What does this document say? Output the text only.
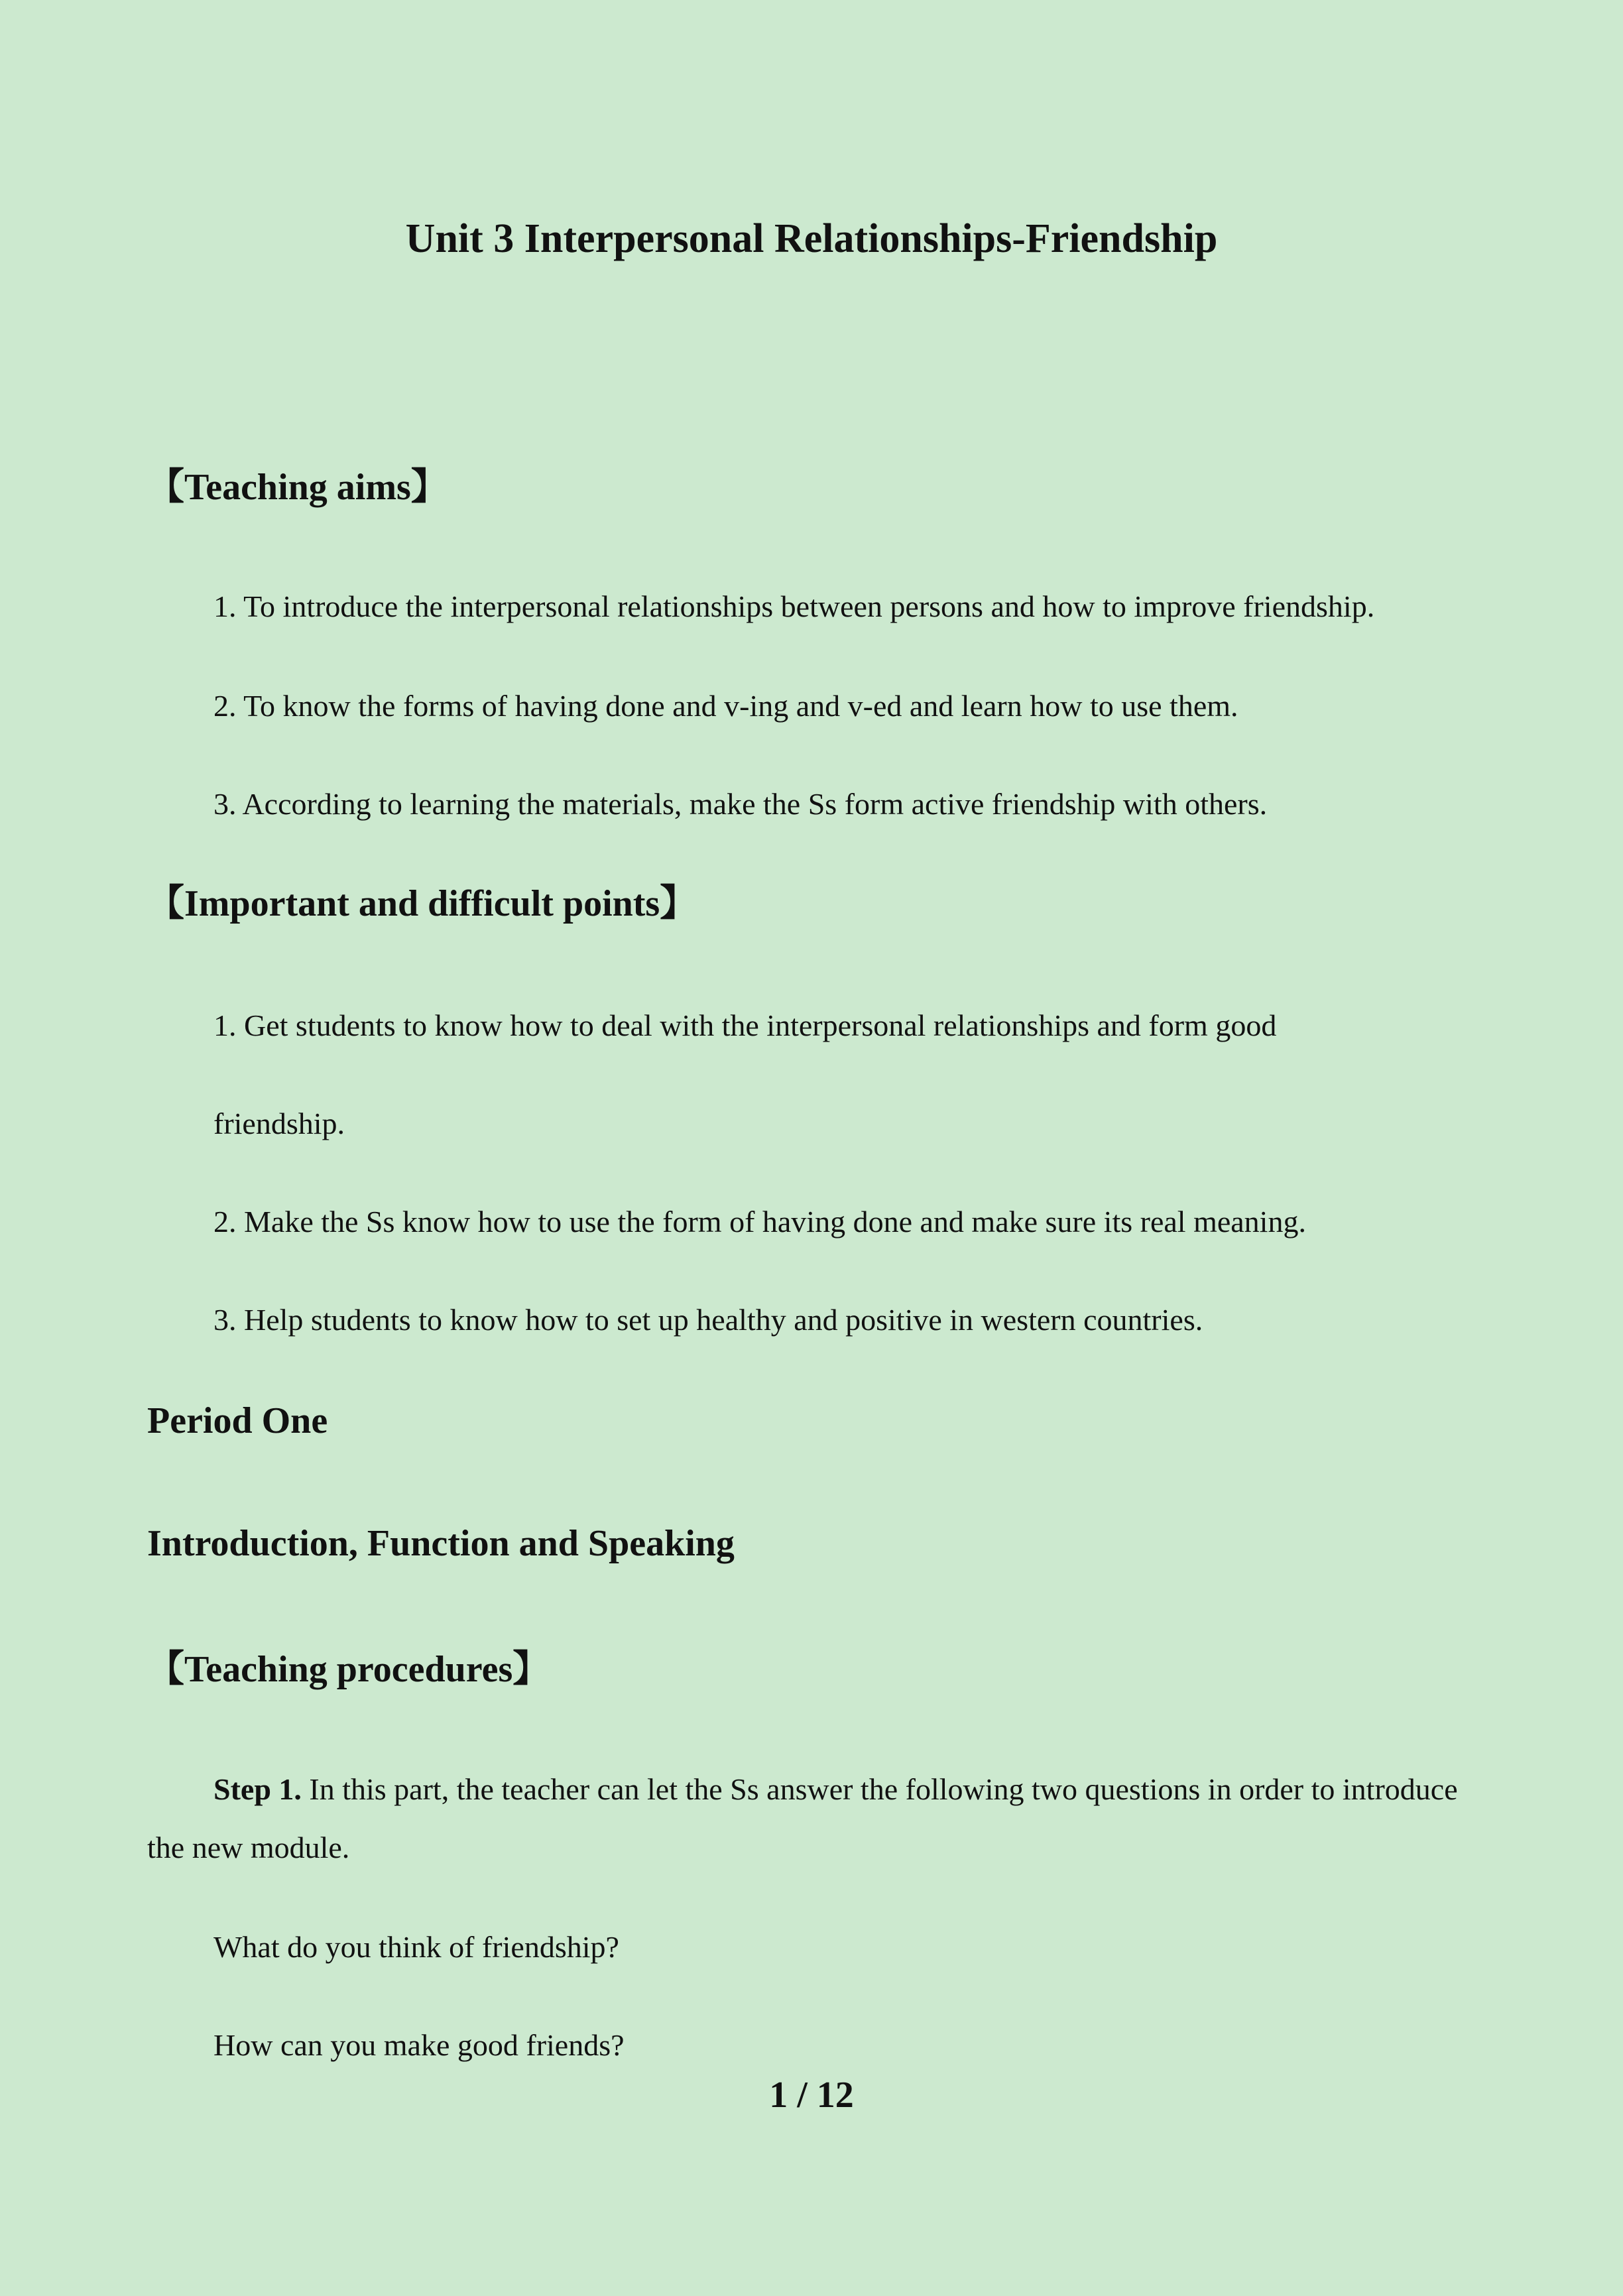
Unit 3 Interpersonal Relationships-Friendship
【Teaching aims】
1. To introduce the interpersonal relationships between persons and how to improve friendship.
2. To know the forms of having done and v-ing and v-ed and learn how to use them.
3. According to learning the materials, make the Ss form active friendship with others.
【Important and difficult points】
1. Get students to know how to deal with the interpersonal relationships and form good
friendship.
2. Make the Ss know how to use the form of having done and make sure its real meaning.
3. Help students to know how to set up healthy and positive in western countries.
Period One
Introduction, Function and Speaking
【Teaching procedures】
Step 1. In this part, the teacher can let the Ss answer the following two questions in order to introduce the new module.
What do you think of friendship?
How can you make good friends?
1 / 12
